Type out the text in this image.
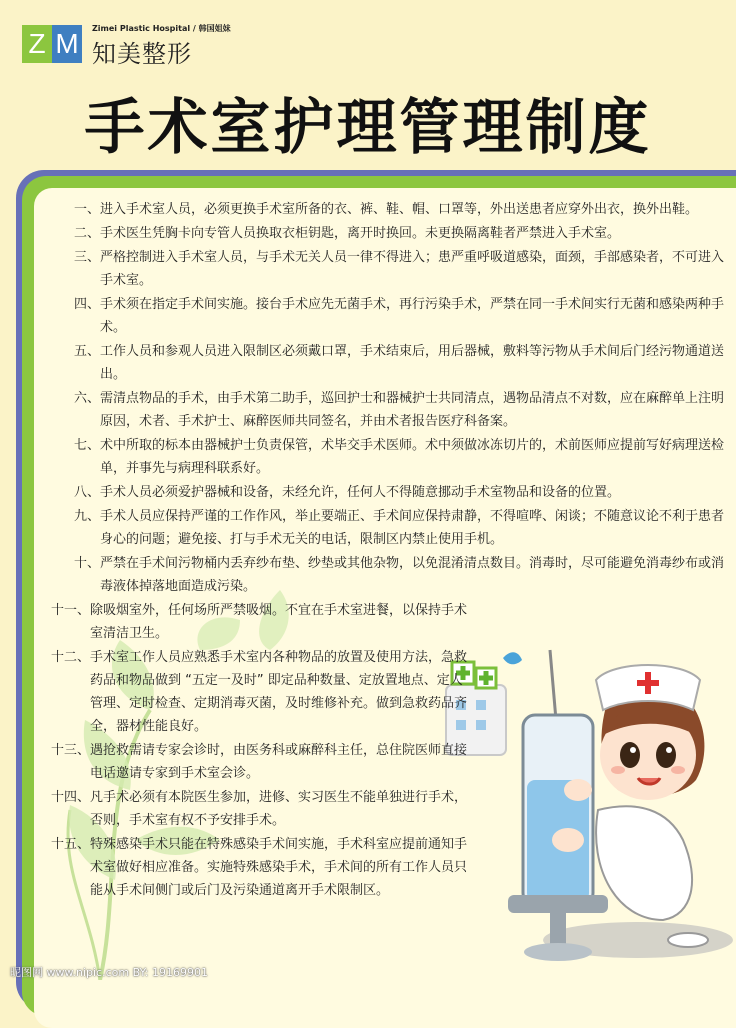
Z M	Zimei Plastic Hospital / 韩国姐妹
知美整形
手术室护理管理制度
一、 进入手术室人员，必须更换手术室所备的衣、裤、鞋、帽、口罩等，外出送患者应穿外出衣，换外出鞋。
二、 手术医生凭胸卡向专管人员换取衣柜钥匙，离开时换回。未更换隔离鞋者严禁进入手术室。
三、 严格控制进入手术室人员，与手术无关人员一律不得进入；患严重呼吸道感染，面颈，手部感染者，不可进入手术室。
四、 手术须在指定手术间实施。接台手术应先无菌手术，再行污染手术，严禁在同一手术间实行无菌和感染两种手术。
五、 工作人员和参观人员进入限制区必须戴口罩，手术结束后，用后器械，敷料等污物从手术间后门经污物通道送出。
六、 需清点物品的手术，由手术第二助手，巡回护士和器械护士共同清点，遇物品清点不对数，应在麻醉单上注明原因，术者、手术护士、麻醉医师共同签名，并由术者报告医疗科备案。
七、 术中所取的标本由器械护士负责保管，术毕交手术医师。术中须做冰冻切片的，术前医师应提前写好病理送检单，并事先与病理科联系好。
八、 手术人员必须爱护器械和设备，未经允许，任何人不得随意挪动手术室物品和设备的位置。
九、 手术人员应保持严谨的工作作风，举止要端正、手术间应保持肃静，不得喧哗、闲谈；不随意议论不利于患者身心的问题；避免接、打与手术无关的电话，限制区内禁止使用手机。
十、 严禁在手术间污物桶内丢弃纱布垫、纱垫或其他杂物，以免混淆清点数目。消毒时，尽可能避免消毒纱布或消毒液体掉落地面造成污染。
十一、 除吸烟室外，任何场所严禁吸烟。不宜在手术室进餐，以保持手术室清洁卫生。
十二、 手术室工作人员应熟悉手术室内各种物品的放置及使用方法，急救药品和物品做到 “五定一及时” 即定品种数量、定放置地点、定人管理、定时检查、定期消毒灭菌，及时维修补充。做到急救药品齐全，器材性能良好。
十三、 遇抢救需请专家会诊时，由医务科或麻醉科主任，总住院医师直接电话邀请专家到手术室会诊。
十四、 凡手术必须有本院医生参加，进修、实习医生不能单独进行手术，否则，手术室有权不予安排手术。
十五、 特殊感染手术只能在特殊感染手术间实施，手术科室应提前通知手术室做好相应准备。实施特殊感染手术，手术间的所有工作人员只能从手术间侧门或后门及污染通道离开手术限制区。
昵图网 www.nipic.com BY: 19169901
